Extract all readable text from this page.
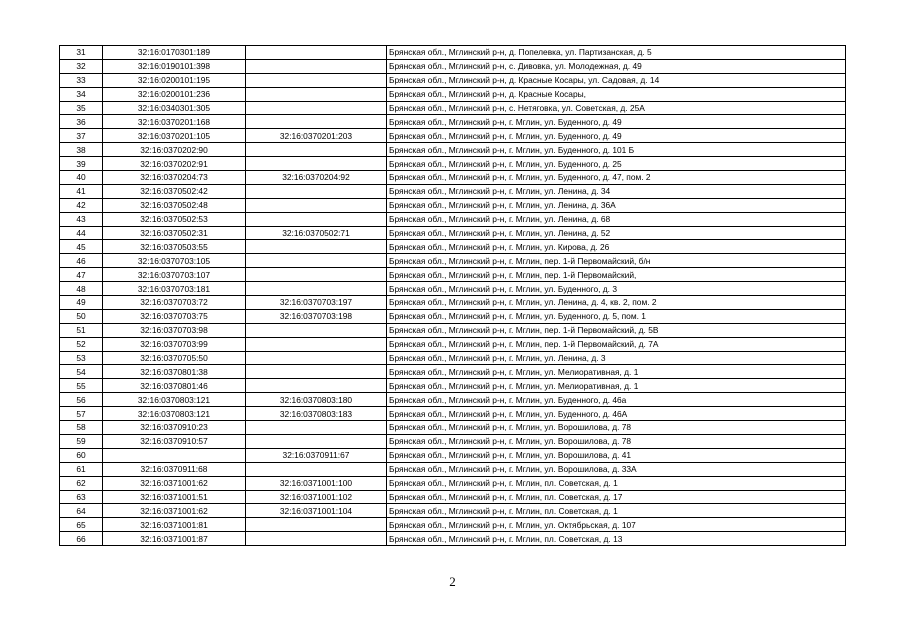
31	32:16:0170301:189		Брянская обл., Мглинский р-н, д. Попелевка, ул. Партизанская, д. 5
32	32:16:0190101:398		Брянская обл., Мглинский р-н, с. Дивовка, ул. Молодежная, д. 49
33	32:16:0200101:195		Брянская обл., Мглинский р-н, д. Красные Косары, ул. Садовая, д. 14
34	32:16:0200101:236		Брянская обл., Мглинский р-н, д. Красные Косары,
35	32:16:0340301:305		Брянская обл., Мглинский р-н, с. Нетяговка, ул. Советская, д. 25А
36	32:16:0370201:168		Брянская обл., Мглинский р-н, г. Мглин, ул. Буденного, д. 49
37	32:16:0370201:105	32:16:0370201:203	Брянская обл., Мглинский р-н, г. Мглин, ул. Буденного, д. 49
38	32:16:0370202:90		Брянская обл., Мглинский р-н, г. Мглин, ул. Буденного, д. 101 Б
39	32:16:0370202:91		Брянская обл., Мглинский р-н, г. Мглин, ул. Буденного, д. 25
40	32:16:0370204:73	32:16:0370204:92	Брянская обл., Мглинский р-н, г. Мглин, ул. Буденного, д. 47, пом. 2
41	32:16:0370502:42		Брянская обл., Мглинский р-н, г. Мглин, ул. Ленина, д. 34
42	32:16:0370502:48		Брянская обл., Мглинский р-н, г. Мглин, ул. Ленина, д. 36А
43	32:16:0370502:53		Брянская обл., Мглинский р-н, г. Мглин, ул. Ленина, д. 68
44	32:16:0370502:31	32:16:0370502:71	Брянская обл., Мглинский р-н, г. Мглин, ул. Ленина, д. 52
45	32:16:0370503:55		Брянская обл., Мглинский р-н, г. Мглин, ул. Кирова, д. 26
46	32:16:0370703:105		Брянская обл., Мглинский р-н, г. Мглин, пер. 1-й Первомайский, б/н
47	32:16:0370703:107		Брянская обл., Мглинский р-н, г. Мглин, пер. 1-й Первомайский,
48	32:16:0370703:181		Брянская обл., Мглинский р-н, г. Мглин, ул. Буденного, д. 3
49	32:16:0370703:72	32:16:0370703:197	Брянская обл., Мглинский р-н, г. Мглин, ул. Ленина, д. 4, кв. 2, пом. 2
50	32:16:0370703:75	32:16:0370703:198	Брянская обл., Мглинский р-н, г. Мглин, ул. Буденного, д. 5, пом. 1
51	32:16:0370703:98		Брянская обл., Мглинский р-н, г. Мглин, пер. 1-й Первомайский, д. 5В
52	32:16:0370703:99		Брянская обл., Мглинский р-н, г. Мглин, пер. 1-й Первомайский, д. 7А
53	32:16:0370705:50		Брянская обл., Мглинский р-н, г. Мглин, ул. Ленина, д. 3
54	32:16:0370801:38		Брянская обл., Мглинский р-н, г. Мглин, ул. Мелиоративная, д. 1
55	32:16:0370801:46		Брянская обл., Мглинский р-н, г. Мглин, ул. Мелиоративная, д. 1
56	32:16:0370803:121	32:16:0370803:180	Брянская обл., Мглинский р-н, г. Мглин, ул. Буденного, д. 46а
57	32:16:0370803:121	32:16:0370803:183	Брянская обл., Мглинский р-н, г. Мглин, ул. Буденного, д. 46А
58	32:16:0370910:23		Брянская обл., Мглинский р-н, г. Мглин, ул. Ворошилова, д. 78
59	32:16:0370910:57		Брянская обл., Мглинский р-н, г. Мглин, ул. Ворошилова, д. 78
60		32:16:0370911:67	Брянская обл., Мглинский р-н, г. Мглин, ул. Ворошилова, д. 41
61	32:16:0370911:68		Брянская обл., Мглинский р-н, г. Мглин, ул. Ворошилова, д. 33А
62	32:16:0371001:62	32:16:0371001:100	Брянская обл., Мглинский р-н, г. Мглин, пл. Советская, д. 1
63	32:16:0371001:51	32:16:0371001:102	Брянская обл., Мглинский р-н, г. Мглин, пл. Советская, д. 17
64	32:16:0371001:62	32:16:0371001:104	Брянская обл., Мглинский р-н, г. Мглин, пл. Советская, д. 1
65	32:16:0371001:81		Брянская обл., Мглинский р-н, г. Мглин, ул. Октябрьская, д. 107
66	32:16:0371001:87		Брянская обл., Мглинский р-н, г. Мглин, пл. Советская, д. 13
2
